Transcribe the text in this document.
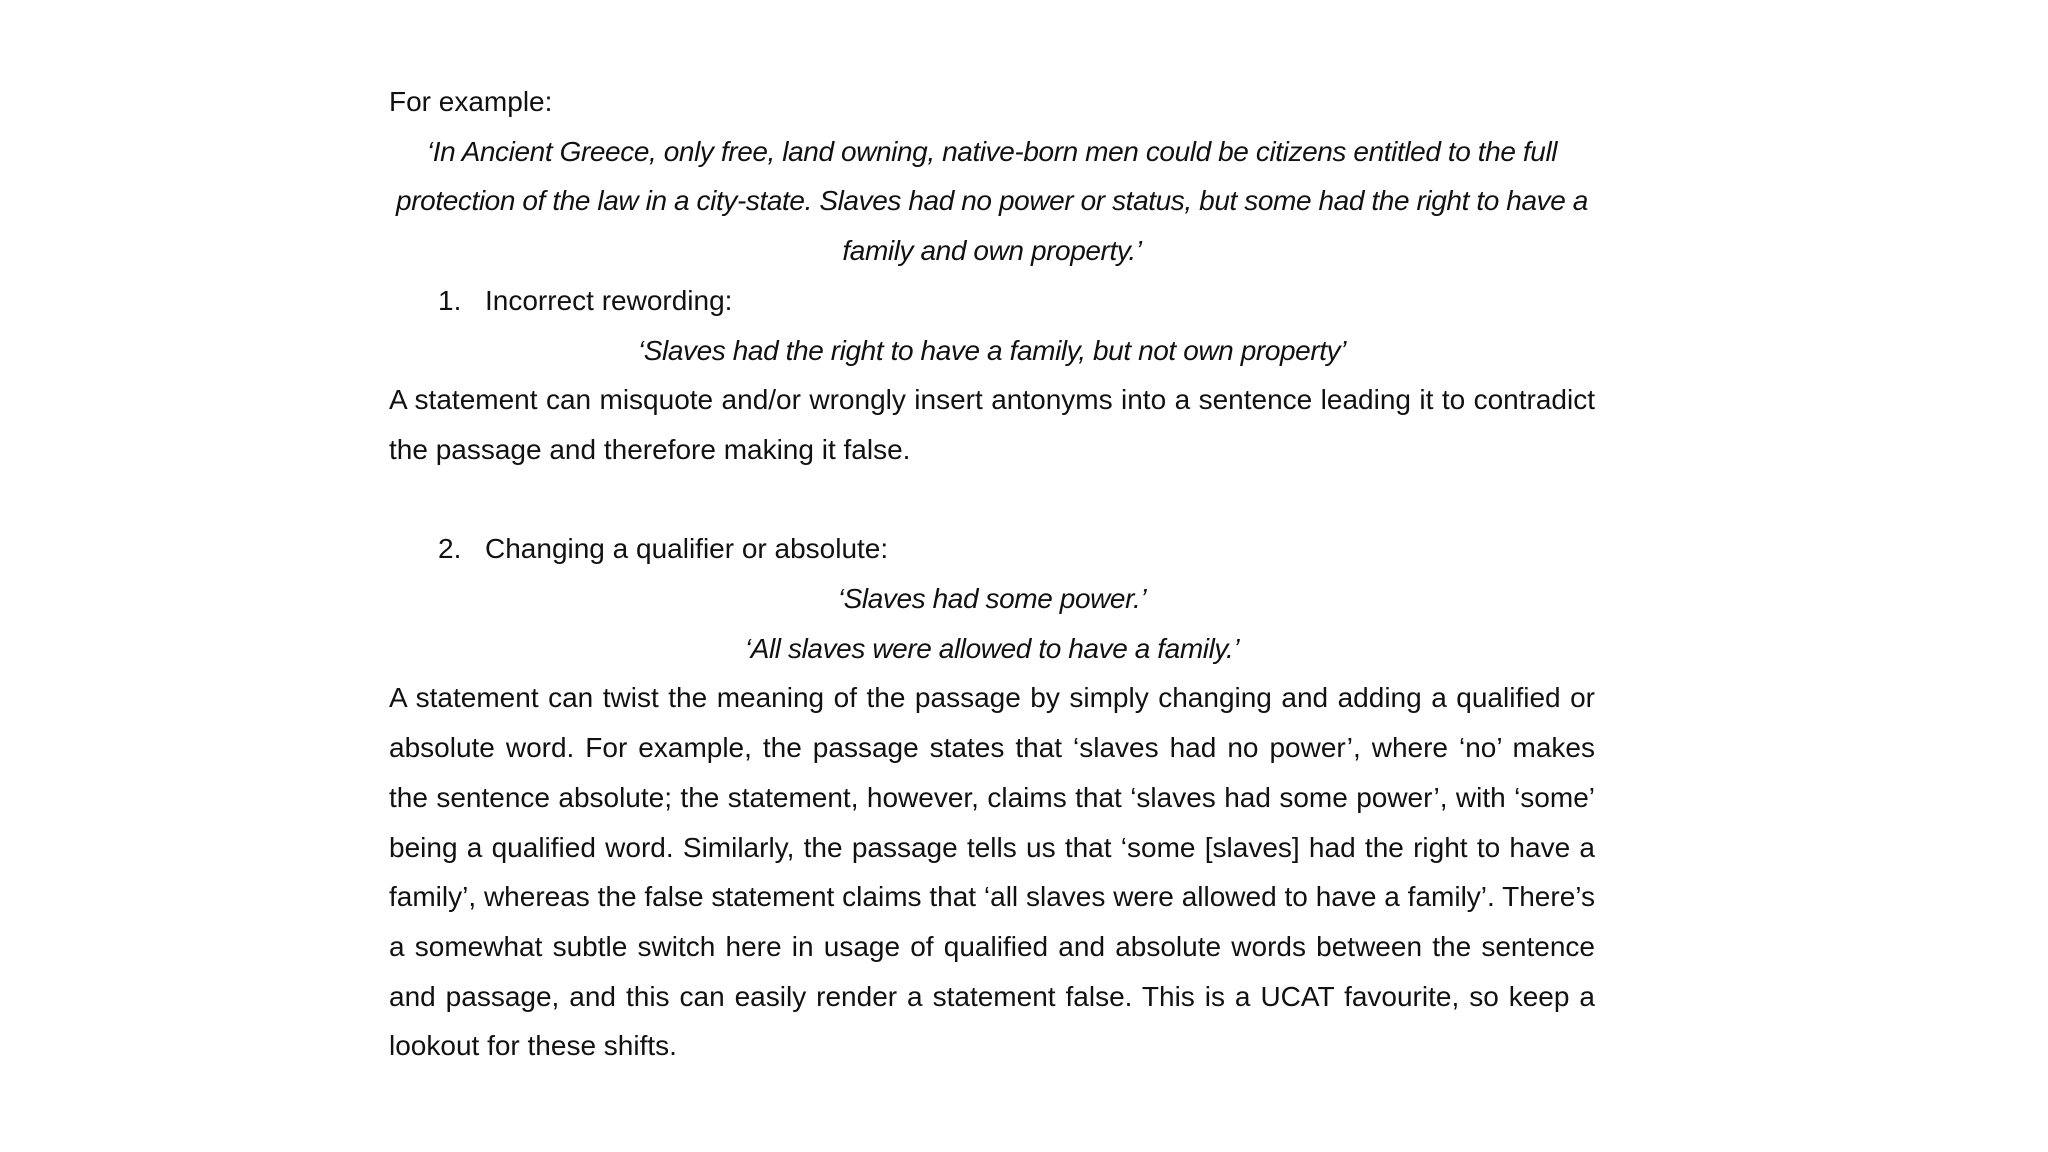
For example:

‘In Ancient Greece, only free, land owning, native-born men could be citizens entitled to the full protection of the law in a city-state. Slaves had no power or status, but some had the right to have a family and own property.’

1. Incorrect rewording:

‘Slaves had the right to have a family, but not own property’

A statement can misquote and/or wrongly insert antonyms into a sentence leading it to contradict the passage and therefore making it false.

2. Changing a qualifier or absolute:

‘Slaves had some power.’

‘All slaves were allowed to have a family.’

A statement can twist the meaning of the passage by simply changing and adding a qualified or absolute word. For example, the passage states that ‘slaves had no power’, where ‘no’ makes the sentence absolute; the statement, however, claims that ‘slaves had some power’, with ‘some’ being a qualified word. Similarly, the passage tells us that ‘some [slaves] had the right to have a family’, whereas the false statement claims that ‘all slaves were allowed to have a family’. There’s a somewhat subtle switch here in usage of qualified and absolute words between the sentence and passage, and this can easily render a statement false. This is a UCAT favourite, so keep a lookout for these shifts.
